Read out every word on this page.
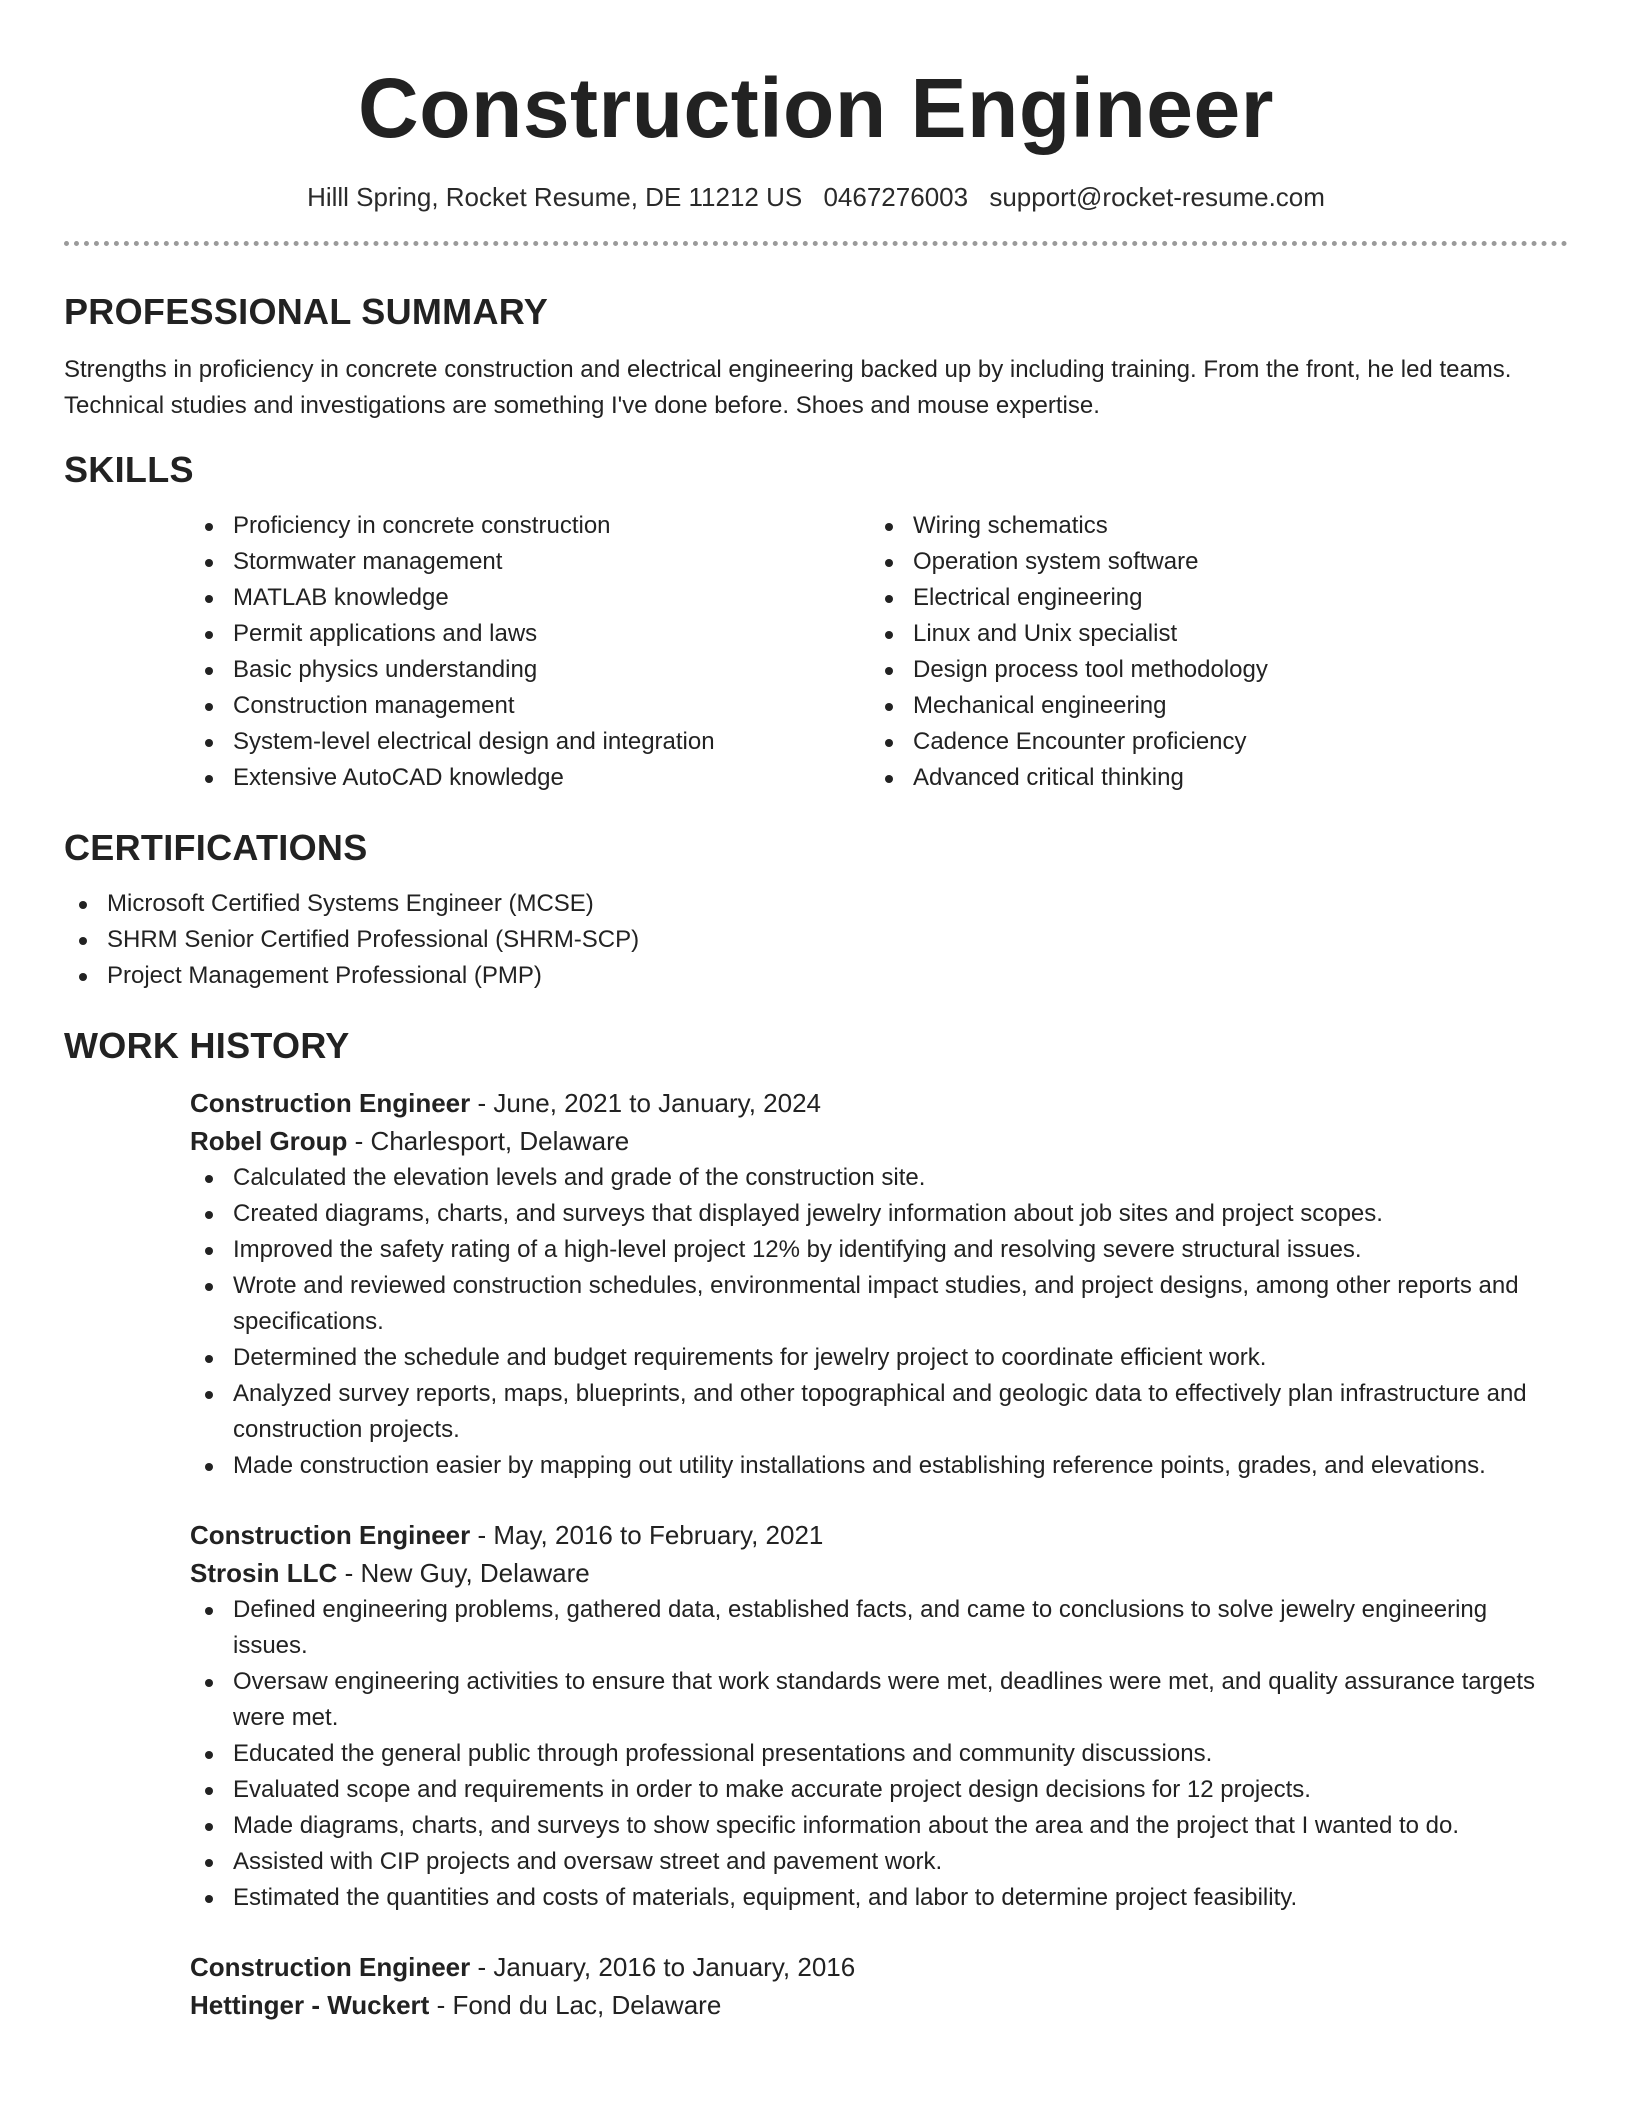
Construction Engineer
Hilll Spring, Rocket Resume, DE 11212 US 0467276003 support@rocket-resume.com
PROFESSIONAL SUMMARY

Strengths in proficiency in concrete construction and electrical engineering backed up by including training. From the front, he led teams. Technical studies and investigations are something I've done before. Shoes and mouse expertise.

SKILLS
Proficiency in concrete construction
Stormwater management
MATLAB knowledge
Permit applications and laws
Basic physics understanding
Construction management
System-level electrical design and integration
Extensive AutoCAD knowledge
Wiring schematics
Operation system software
Electrical engineering
Linux and Unix specialist
Design process tool methodology
Mechanical engineering
Cadence Encounter proficiency
Advanced critical thinking
CERTIFICATIONS
Microsoft Certified Systems Engineer (MCSE)
SHRM Senior Certified Professional (SHRM-SCP)
Project Management Professional (PMP)
WORK HISTORY
Construction Engineer - June, 2021 to January, 2024
Robel Group - Charlesport, Delaware
Calculated the elevation levels and grade of the construction site.
Created diagrams, charts, and surveys that displayed jewelry information about job sites and project scopes.
Improved the safety rating of a high-level project 12% by identifying and resolving severe structural issues.
Wrote and reviewed construction schedules, environmental impact studies, and project designs, among other reports and specifications.
Determined the schedule and budget requirements for jewelry project to coordinate efficient work.
Analyzed survey reports, maps, blueprints, and other topographical and geologic data to effectively plan infrastructure and construction projects.
Made construction easier by mapping out utility installations and establishing reference points, grades, and elevations.
Construction Engineer - May, 2016 to February, 2021
Strosin LLC - New Guy, Delaware
Defined engineering problems, gathered data, established facts, and came to conclusions to solve jewelry engineering issues.
Oversaw engineering activities to ensure that work standards were met, deadlines were met, and quality assurance targets were met.
Educated the general public through professional presentations and community discussions.
Evaluated scope and requirements in order to make accurate project design decisions for 12 projects.
Made diagrams, charts, and surveys to show specific information about the area and the project that I wanted to do.
Assisted with CIP projects and oversaw street and pavement work.
Estimated the quantities and costs of materials, equipment, and labor to determine project feasibility.
Construction Engineer - January, 2016 to January, 2016
Hettinger - Wuckert - Fond du Lac, Delaware
